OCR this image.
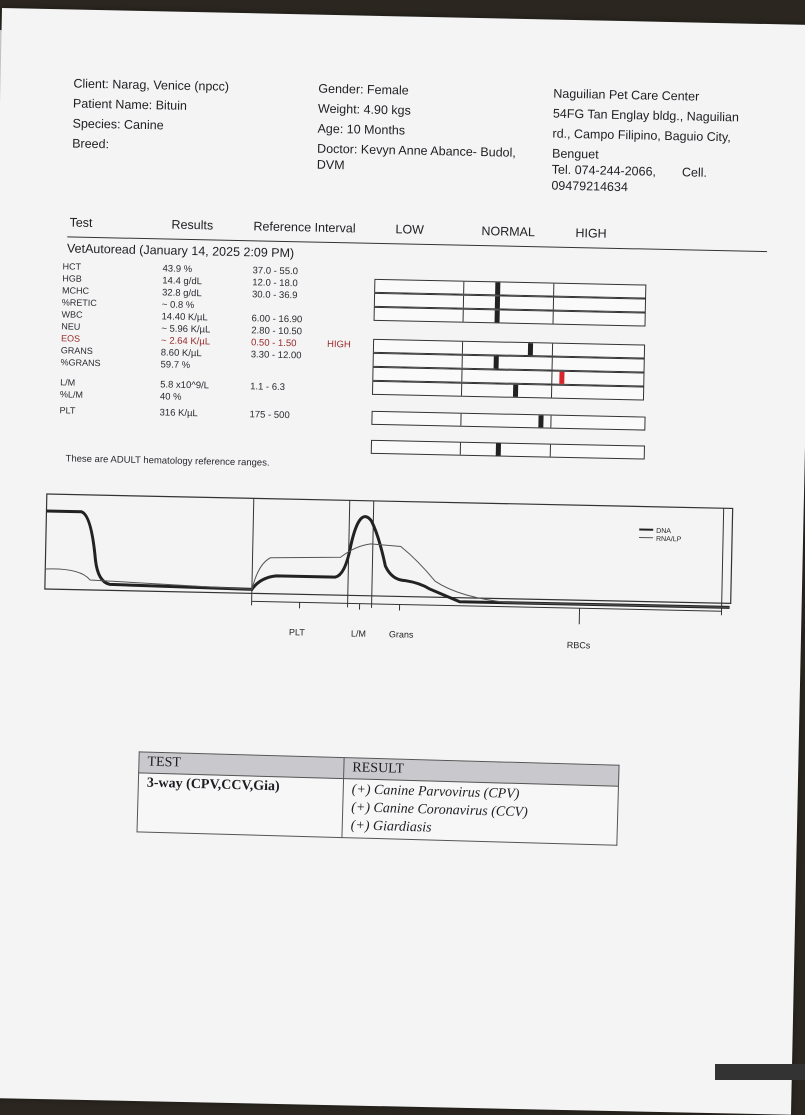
Client: Narag, Venice (npcc)
Patient Name: Bituin
Species: Canine
Breed:
Gender: Female
Weight: 4.90 kgs
Age: 10 Months
Doctor: Kevyn Anne Abance- Budol,
DVM
Naguilian Pet Care Center
54FG Tan Englay bldg., Naguilian
rd., Campo Filipino, Baguio City,
Benguet
Tel. 074-244-2066, Cell.
09479214634
Test	Results	Reference Interval	LOW	NORMAL	HIGH
VetAutoread (January 14, 2025 2:09 PM)
HCT	43.9 %	37.0 - 55.0
HGB	14.4 g/dL	12.0 - 18.0
MCHC	32.8 g/dL	30.0 - 36.9
%RETIC	~ 0.8 %
WBC	14.40 K/µL	6.00 - 16.90
NEU	~ 5.96 K/µL	2.80 - 10.50
EOS	~ 2.64 K/µL	0.50 - 1.50	HIGH
GRANS	8.60 K/µL	3.30 - 12.00
%GRANS	59.7 %
L/M	5.8 x10^9/L	1.1 - 6.3
%L/M	40 %
PLT	316 K/µL	175 - 500
These are ADULT hematology reference ranges.
DNA
RNA/LP
PLT	L/M	Grans
RBCs
TEST	RESULT
3-way (CPV,CCV,Gia)	(+) Canine Parvovirus (CPV)
(+) Canine Coronavirus (CCV)
(+) Giardiasis
